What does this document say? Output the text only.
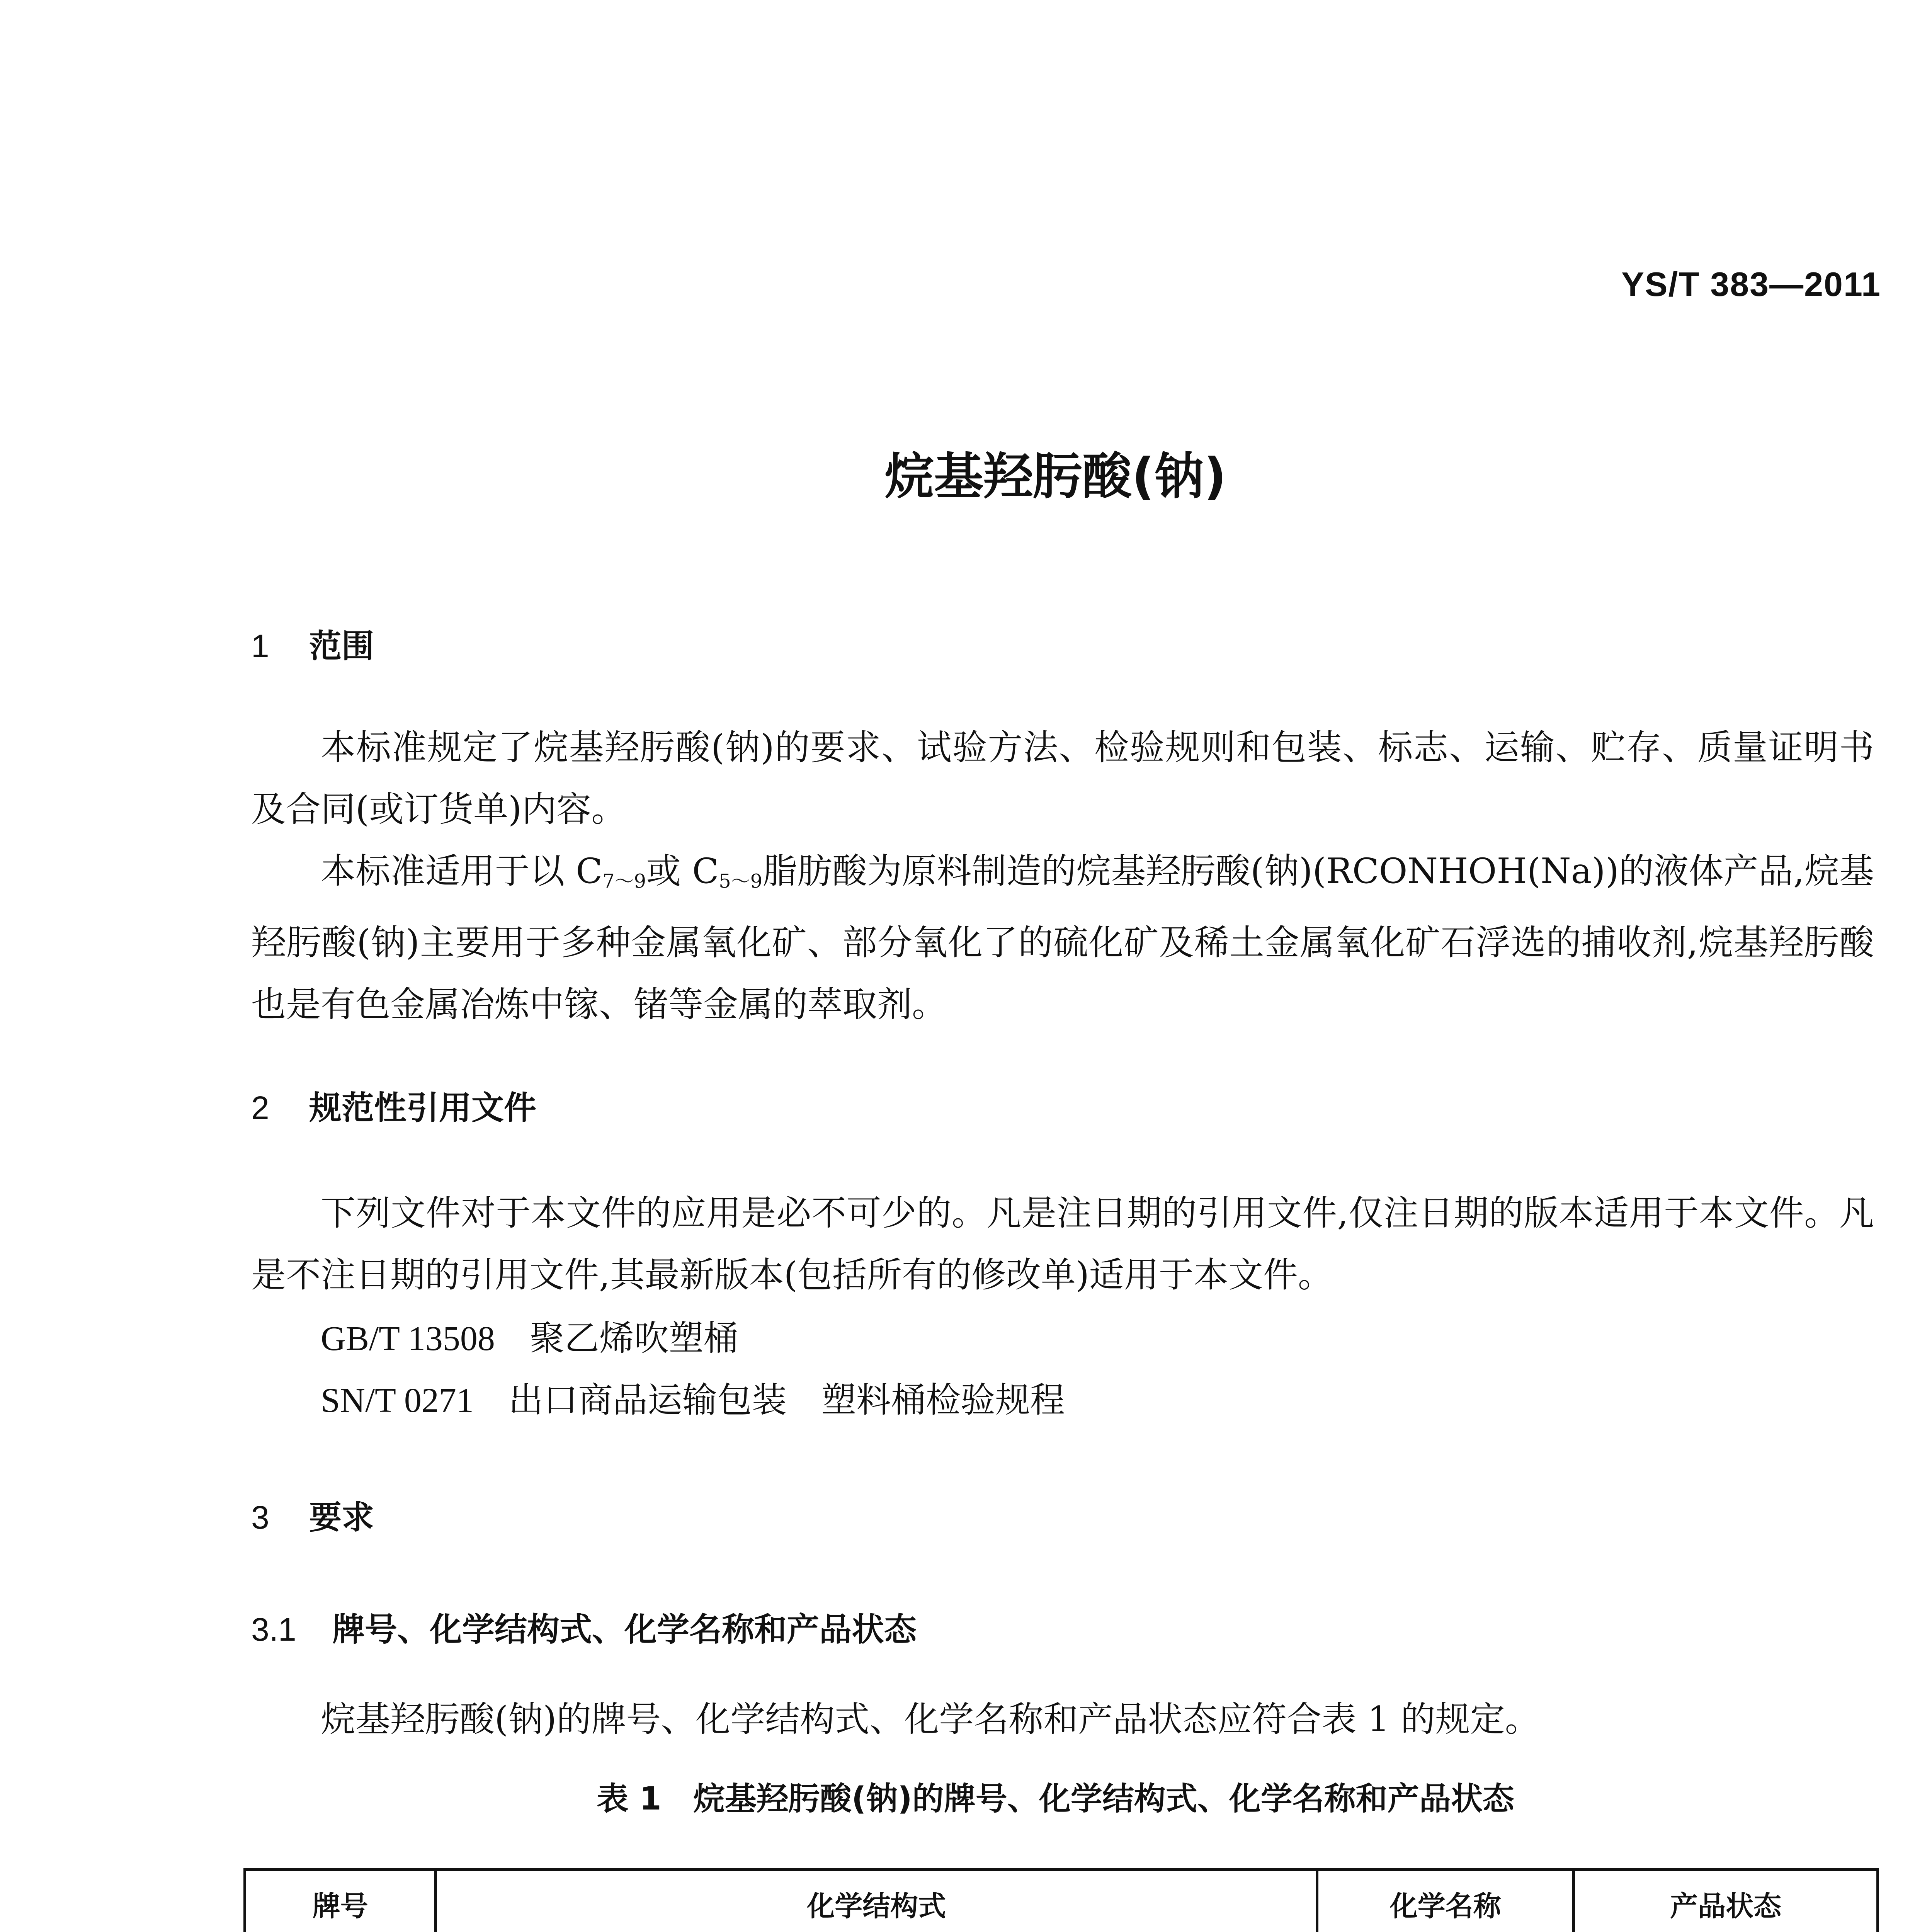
YS/T 383—2011
烷基羟肟酸(钠)
1 范围

本标准规定了烷基羟肟酸(钠)的要求、试验方法、检验规则和包装、标志、运输、贮存、质量证明书及合同(或订货单)内容。

本标准适用于以 $C_{7\sim 9}$或 $C_{5\sim 9}$脂肪酸为原料制造的烷基羟肟酸(钠)(RCONHOH(Na))的液体产品,烷基羟肟酸(钠)主要用于多种金属氧化矿、部分氧化了的硫化矿及稀土金属氧化矿石浮选的捕收剂,烷基羟肟酸也是有色金属冶炼中镓、锗等金属的萃取剂。

2 规范性引用文件

下列文件对于本文件的应用是必不可少的。凡是注日期的引用文件,仅注日期的版本适用于本文件。凡是不注日期的引用文件,其最新版本(包括所有的修改单)适用于本文件。

GB/T 13508 聚乙烯吹塑桶
SN/T 0271 出口商品运输包装　塑料桶检验规程
3 要求
3.1 牌号、化学结构式、化学名称和产品状态

烷基羟肟酸(钠)的牌号、化学结构式、化学名称和产品状态应符合表 1 的规定。

表 1　烷基羟肟酸(钠)的牌号、化学结构式、化学名称和产品状态
牌号	化学结构式	化学名称	产品状态
